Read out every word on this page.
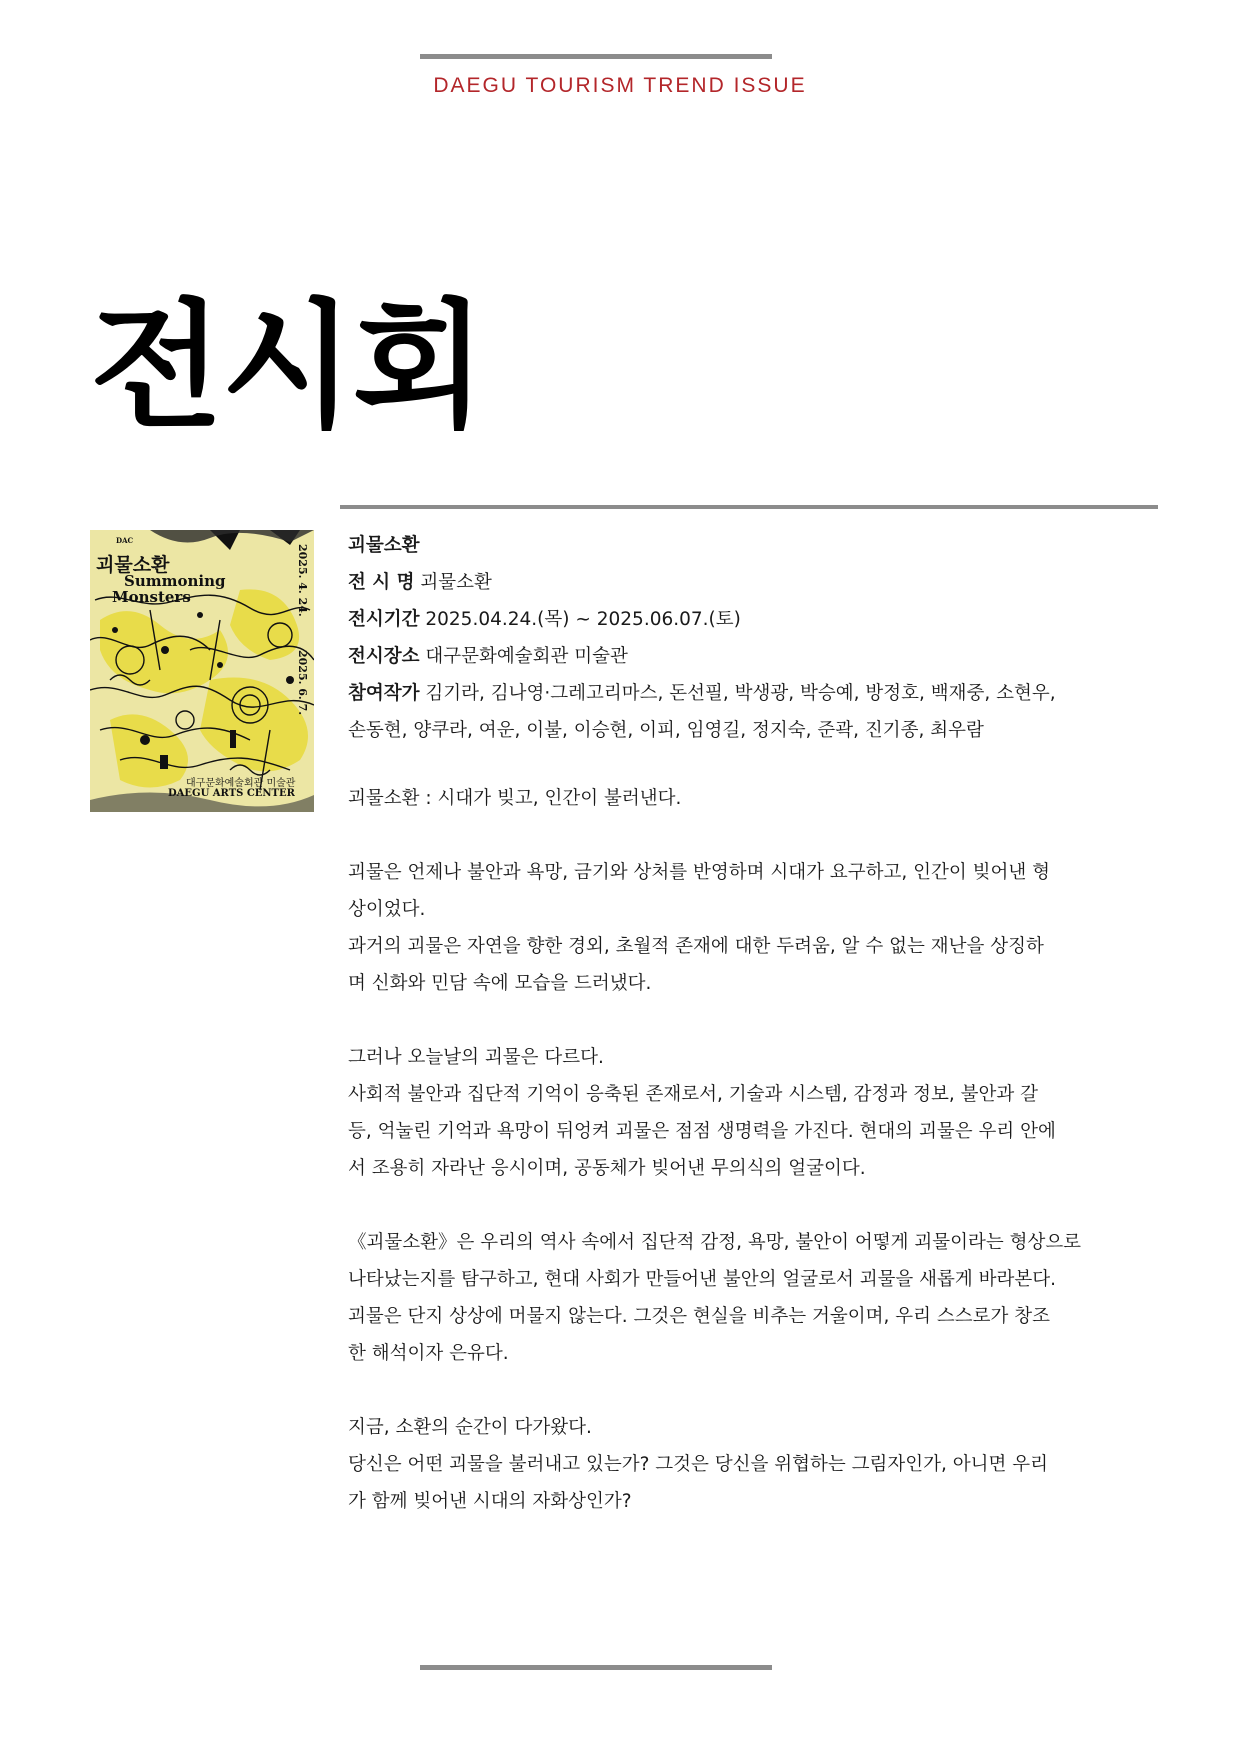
DAEGU TOURISM TREND ISSUE
전시회
DAC
괴물소환
Summoning
Monsters	2025. 4. 24.
2025. 6. 7.
대구문화예술회관 미술관
DAEGU ARTS CENTER
괴물소환
전 시 명 괴물소환
전시기간 2025.04.24.(목) ~ 2025.06.07.(토)
전시장소 대구문화예술회관 미술관
참여작가 김기라, 김나영·그레고리마스, 돈선필, 박생광, 박승예, 방정호, 백재중, 소현우,
손동현, 양쿠라, 여운, 이불, 이승현, 이피, 임영길, 정지숙, 준곽, 진기종, 최우람

괴물소환 : 시대가 빚고, 인간이 불러낸다.

괴물은 언제나 불안과 욕망, 금기와 상처를 반영하며 시대가 요구하고, 인간이 빚어낸 형
상이었다.
과거의 괴물은 자연을 향한 경외, 초월적 존재에 대한 두려움, 알 수 없는 재난을 상징하
며 신화와 민담 속에 모습을 드러냈다.

그러나 오늘날의 괴물은 다르다.
사회적 불안과 집단적 기억이 응축된 존재로서, 기술과 시스템, 감정과 정보, 불안과 갈
등, 억눌린 기억과 욕망이 뒤엉켜 괴물은 점점 생명력을 가진다. 현대의 괴물은 우리 안에
서 조용히 자라난 응시이며, 공동체가 빚어낸 무의식의 얼굴이다.

《괴물소환》은 우리의 역사 속에서 집단적 감정, 욕망, 불안이 어떻게 괴물이라는 형상으로
나타났는지를 탐구하고, 현대 사회가 만들어낸 불안의 얼굴로서 괴물을 새롭게 바라본다.
괴물은 단지 상상에 머물지 않는다. 그것은 현실을 비추는 거울이며, 우리 스스로가 창조
한 해석이자 은유다.

지금, 소환의 순간이 다가왔다.
당신은 어떤 괴물을 불러내고 있는가? 그것은 당신을 위협하는 그림자인가, 아니면 우리
가 함께 빚어낸 시대의 자화상인가?
